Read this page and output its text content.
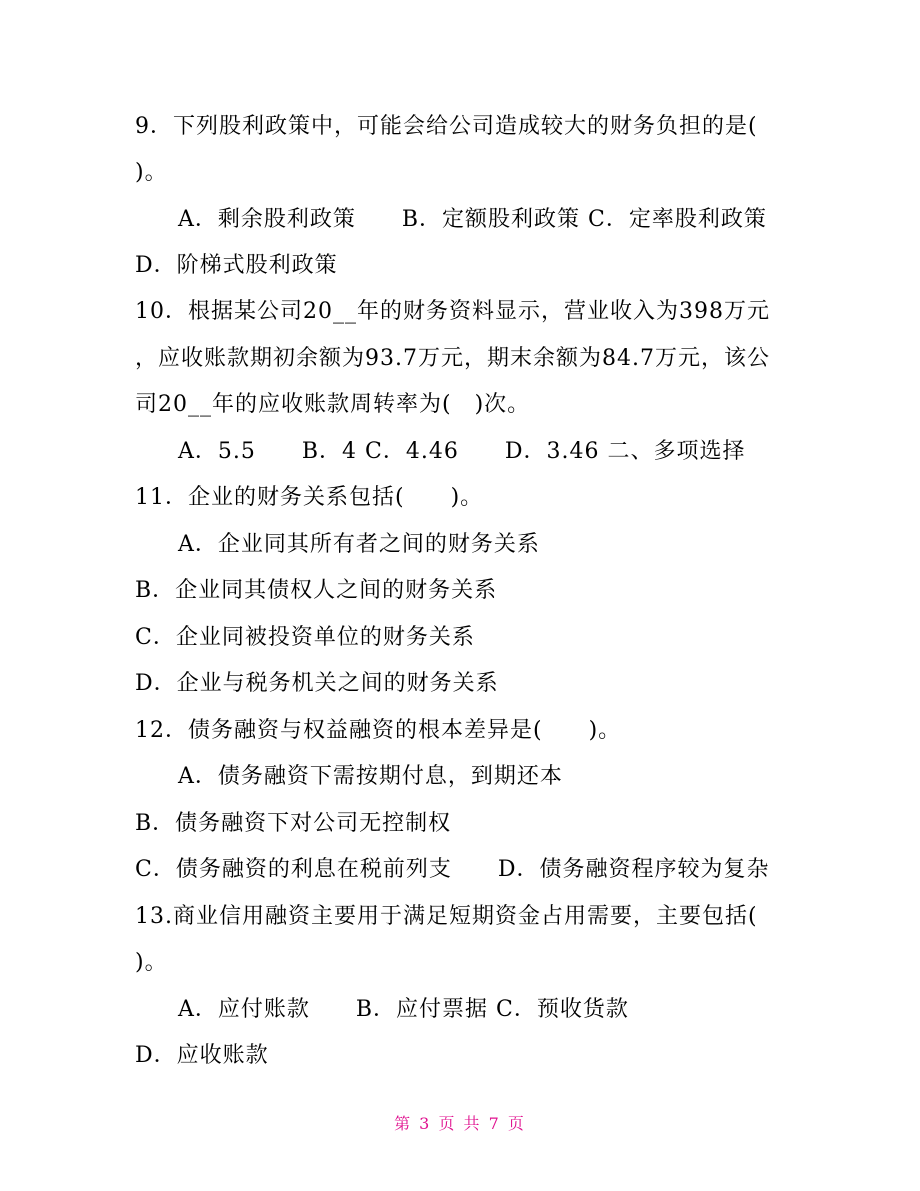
9．下列股利政策中，可能会给公司造成较大的财务负担的是(
)。
A．剩余股利政策　　B．定额股利政策 C．定率股利政策
D．阶梯式股利政策
10．根据某公司20__年的财务资料显示，营业收入为398万元
，应收账款期初余额为93.7万元，期末余额为84.7万元，该公
司20__年的应收账款周转率为(　)次。
A．5.5　　B．4 C．4.46　　D．3.46 二、多项选择
11．企业的财务关系包括(　　)。
A．企业同其所有者之间的财务关系
B．企业同其债权人之间的财务关系
C．企业同被投资单位的财务关系
D．企业与税务机关之间的财务关系
12．债务融资与权益融资的根本差异是(　　)。
A．债务融资下需按期付息，到期还本
B．债务融资下对公司无控制权
C．债务融资的利息在税前列支　　D．债务融资程序较为复杂
13.商业信用融资主要用于满足短期资金占用需要，主要包括(
)。
A．应付账款　　B．应付票据 C．预收货款
D．应收账款
第 3 页 共 7 页
